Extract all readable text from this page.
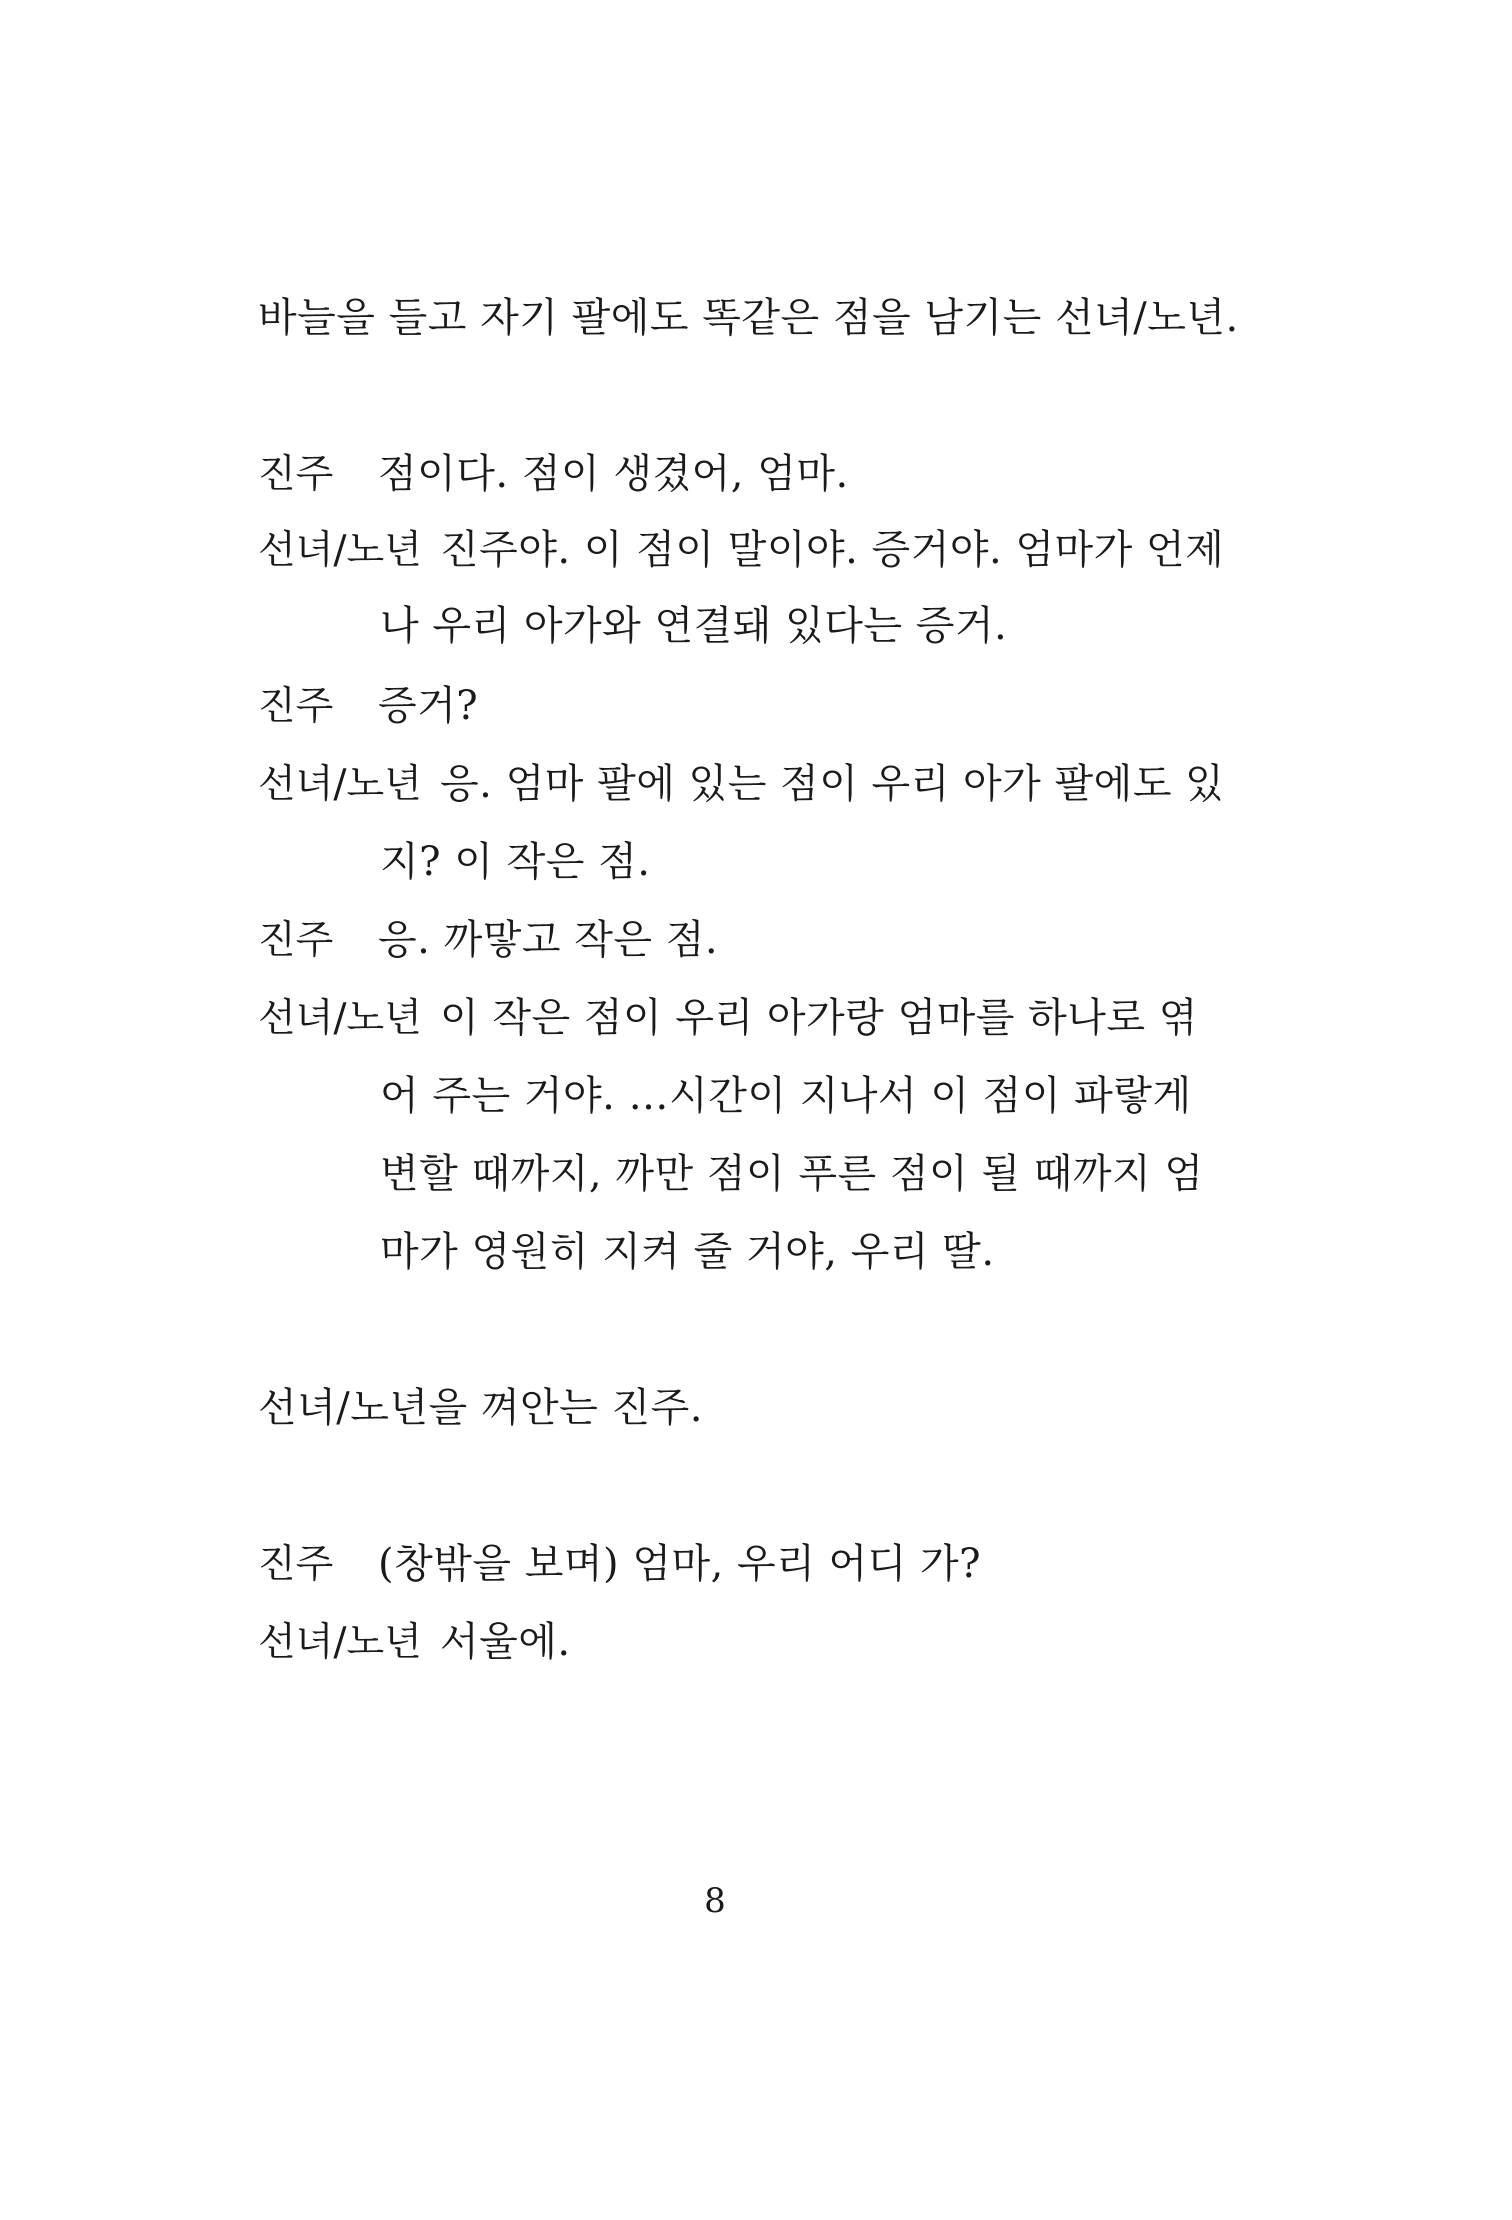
바늘을 들고 자기 팔에도 똑같은 점을 남기는 선녀/노년.
진주 점이다. 점이 생겼어, 엄마.
선녀/노년 진주야. 이 점이 말이야. 증거야. 엄마가 언제
나 우리 아가와 연결돼 있다는 증거.
진주 증거?
선녀/노년 응. 엄마 팔에 있는 점이 우리 아가 팔에도 있
지? 이 작은 점.
진주 응. 까맣고 작은 점.
선녀/노년 이 작은 점이 우리 아가랑 엄마를 하나로 엮
어 주는 거야. …시간이 지나서 이 점이 파랗게
변할 때까지, 까만 점이 푸른 점이 될 때까지 엄
마가 영원히 지켜 줄 거야, 우리 딸.
선녀/노년을 껴안는 진주.
진주 (창밖을 보며) 엄마, 우리 어디 가?
선녀/노년 서울에.
8
